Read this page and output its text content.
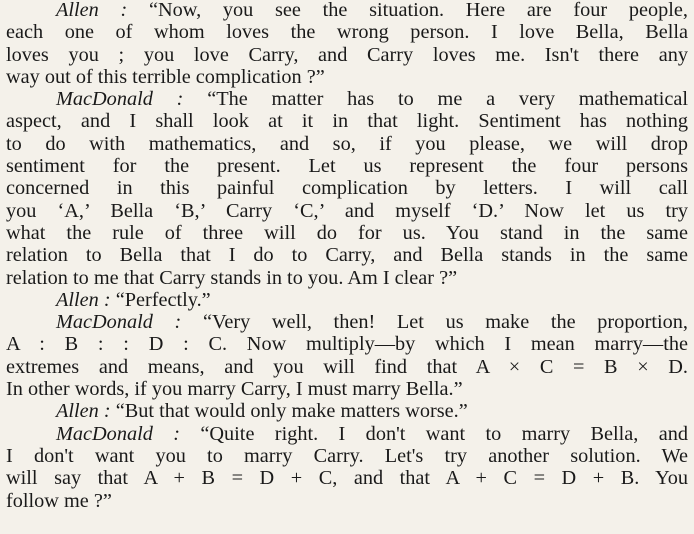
Allen : “Now, you see the situation. Here are four people,
each one of whom loves the wrong person. I love Bella, Bella
loves you ; you love Carry, and Carry loves me. Isn't there any
way out of this terrible complication ?”
MacDonald : “The matter has to me a very mathematical
aspect, and I shall look at it in that light. Sentiment has nothing
to do with mathematics, and so, if you please, we will drop
sentiment for the present. Let us represent the four persons
concerned in this painful complication by letters. I will call
you ‘A,’ Bella ‘B,’ Carry ‘C,’ and myself ‘D.’ Now let us try
what the rule of three will do for us. You stand in the same
relation to Bella that I do to Carry, and Bella stands in the same
relation to me that Carry stands in to you. Am I clear ?”
Allen : “Perfectly.”
MacDonald : “Very well, then! Let us make the proportion,
A : B : : D : C. Now multiply—by which I mean marry—the
extremes and means, and you will find that A × C = B × D.
In other words, if you marry Carry, I must marry Bella.”
Allen : “But that would only make matters worse.”
MacDonald : “Quite right. I don't want to marry Bella, and
I don't want you to marry Carry. Let's try another solution. We
will say that A + B = D + C, and that A + C = D + B. You
follow me ?”
